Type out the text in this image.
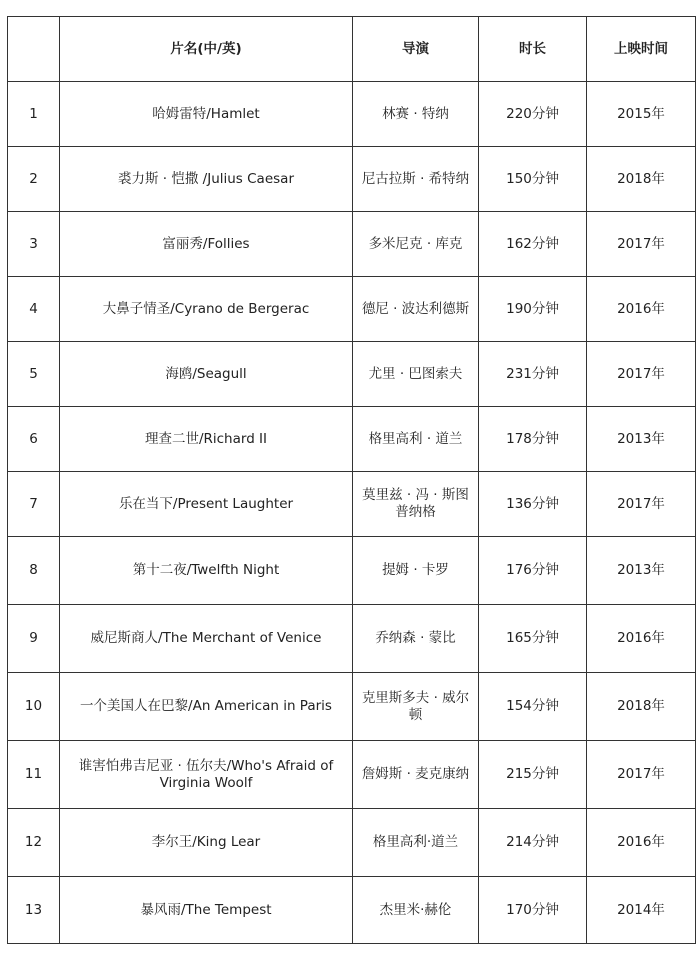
	片名(中/英)	导演	时长	上映时间
1	哈姆雷特/Hamlet	林赛 · 特纳	220分钟	2015年
2	裘力斯 · 恺撒 /Julius Caesar	尼古拉斯 · 希特纳	150分钟	2018年
3	富丽秀/Follies	多米尼克 · 库克	162分钟	2017年
4	大鼻子情圣/Cyrano de Bergerac	德尼 · 波达利德斯	190分钟	2016年
5	海鸥/Seagull	尤里 · 巴图索夫	231分钟	2017年
6	理查二世/Richard II	格里高利 · 道兰	178分钟	2013年
7	乐在当下/Present Laughter	莫里兹 · 冯 · 斯图普纳格	136分钟	2017年
8	第十二夜/Twelfth Night	提姆 · 卡罗	176分钟	2013年
9	威尼斯商人/The Merchant of Venice	乔纳森 · 蒙比	165分钟	2016年
10	一个美国人在巴黎/An American in Paris	克里斯多夫 · 威尔顿	154分钟	2018年
11	谁害怕弗吉尼亚 · 伍尔夫/Who's Afraid of Virginia Woolf	詹姆斯 · 麦克康纳	215分钟	2017年
12	李尔王/King Lear	格里高利·道兰	214分钟	2016年
13	暴风雨/The Tempest	杰里米·赫伦	170分钟	2014年
